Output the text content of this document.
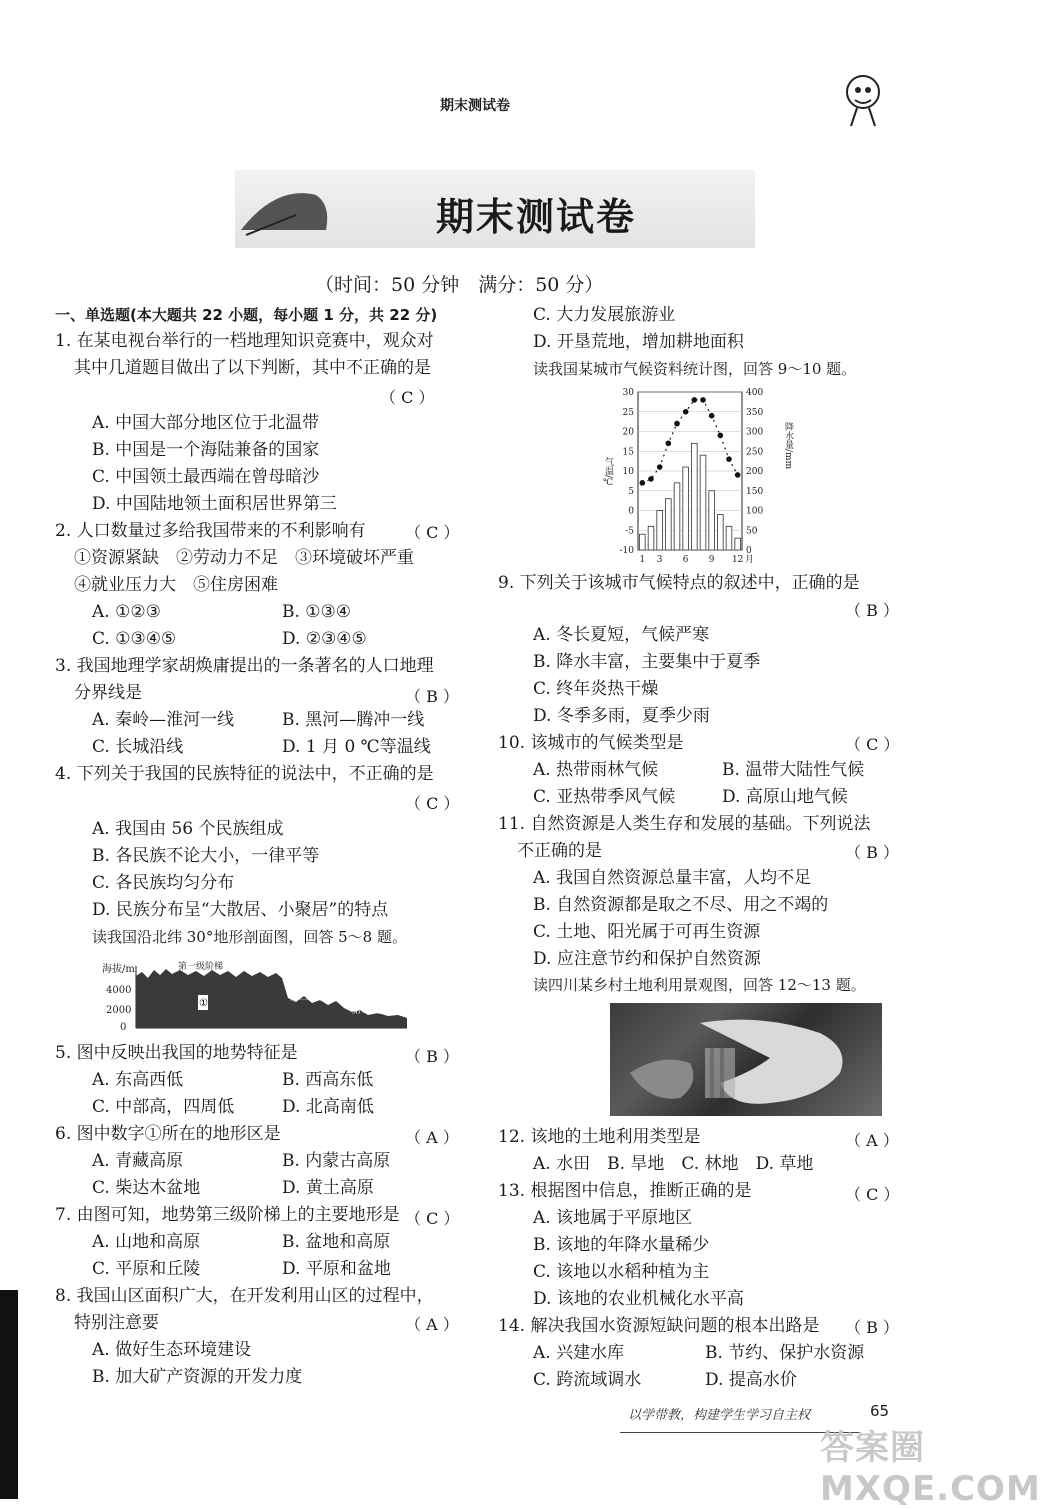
期末测试卷
期末测试卷
（时间：50 分钟　满分：50 分）
一、单选题(本大题共 22 小题，每小题 1 分，共 22 分)
1. 在某电视台举行的一档地理知识竞赛中，观众对
其中几道题目做出了以下判断，其中不正确的是
（ C ）
A. 中国大部分地区位于北温带
B. 中国是一个海陆兼备的国家
C. 中国领土最西端在曾母暗沙
D. 中国陆地领土面积居世界第三
2. 人口数量过多给我国带来的不利影响有 （ C ）
①资源紧缺　②劳动力不足　③环境破坏严重
④就业压力大　⑤住房困难
A. ①②③	B. ①③④
C. ①③④⑤	D. ②③④⑤
3. 我国地理学家胡焕庸提出的一条著名的人口地理
分界线是	（ B ）
A. 秦岭—淮河一线	B. 黑河—腾冲一线
C. 长城沿线	D. 1 月 0 ℃等温线
4. 下列关于我国的民族特征的说法中，不正确的是
（ C ）
A. 我国由 56 个民族组成
B. 各民族不论大小，一律平等
C. 各民族均匀分布
D. 民族分布呈“大散居、小聚居”的特点
读我国沿北纬 30°地形剖面图，回答 5～8 题。
海拔/m
4000
2000
0
①
第一级阶梯
第二级阶梯
第三级阶梯
5. 图中反映出我国的地势特征是	（ B ）
A. 东高西低	B. 西高东低
C. 中部高，四周低	D. 北高南低
6. 图中数字①所在的地形区是	（ A ）
A. 青藏高原	B. 内蒙古高原
C. 柴达木盆地	D. 黄土高原
7. 由图可知，地势第三级阶梯上的主要地形是 （ C ）
A. 山地和高原	B. 盆地和高原
C. 平原和丘陵	D. 平原和盆地
8. 我国山区面积广大，在开发利用山区的过程中，
特别注意要	（ A ）
A. 做好生态环境建设
B. 加大矿产资源的开发力度
C. 大力发展旅游业
D. 开垦荒地，增加耕地面积
读我国某城市气候资料统计图，回答 9～10 题。
30
25
20
15
10
5
0
-5
-10
400
350
300
250
200
150
100
50
0
1 3 6 9 12 月
气温/℃
降水量/mm
9. 下列关于该城市气候特点的叙述中，正确的是
（ B ）
A. 冬长夏短，气候严寒
B. 降水丰富，主要集中于夏季
C. 终年炎热干燥
D. 冬季多雨，夏季少雨
10. 该城市的气候类型是	（ C ）
A. 热带雨林气候	B. 温带大陆性气候
C. 亚热带季风气候	D. 高原山地气候
11. 自然资源是人类生存和发展的基础。下列说法
不正确的是	（ B ）
A. 我国自然资源总量丰富，人均不足
B. 自然资源都是取之不尽、用之不竭的
C. 土地、阳光属于可再生资源
D. 应注意节约和保护自然资源
读四川某乡村土地利用景观图，回答 12～13 题。
12. 该地的土地利用类型是	（ A ）
A. 水田　B. 旱地　C. 林地　D. 草地
13. 根据图中信息，推断正确的是	（ C ）
A. 该地属于平原地区
B. 该地的年降水量稀少
C. 该地以水稻种植为主
D. 该地的农业机械化水平高
14. 解决我国水资源短缺问题的根本出路是 （ B ）
A. 兴建水库	B. 节约、保护水资源
C. 跨流域调水	D. 提高水价
以学带教，构建学生学习自主权	65
答案圈 MXQE.COM
